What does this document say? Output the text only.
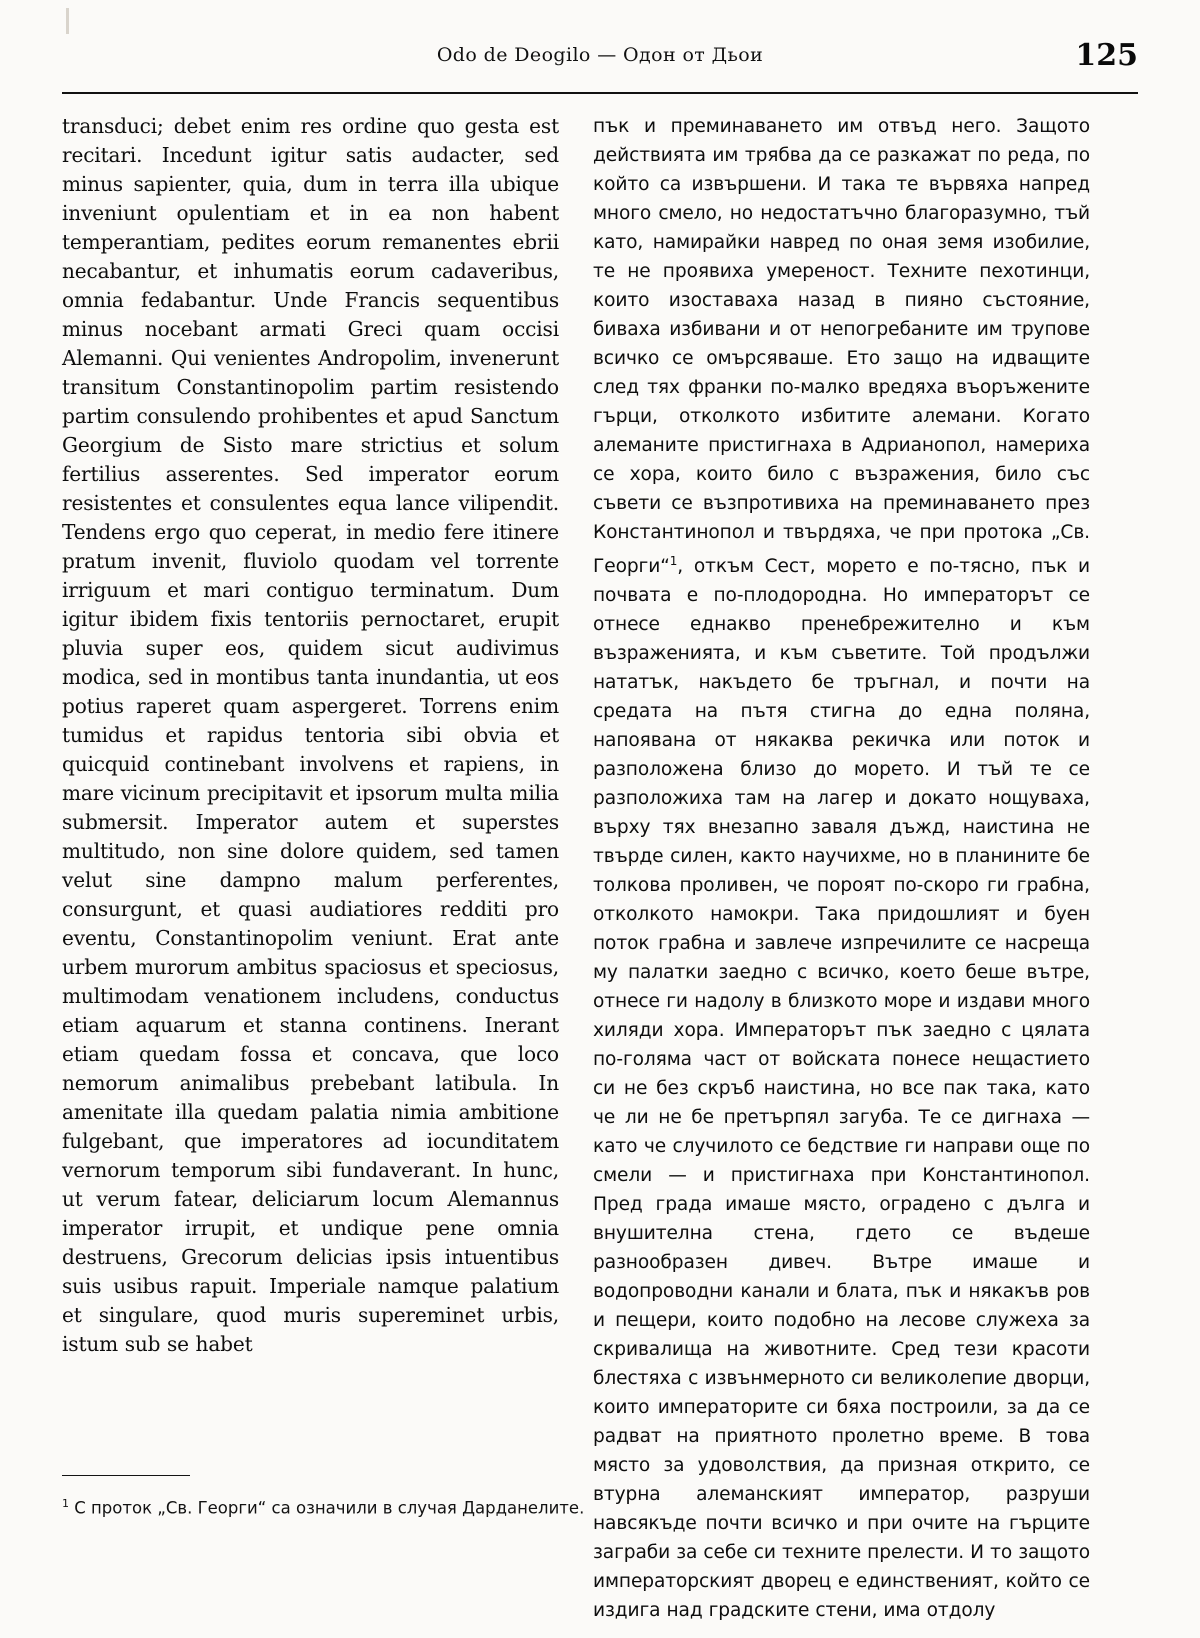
Odo de Deogilo — Одон от Дьои	125

transduci; debet enim res ordine quo gesta est recitari. Incedunt igitur satis audacter, sed minus sapienter, quia, dum in terra illa ubique inveniunt opulentiam et in ea non habent temperantiam, pedites eorum remanentes ebrii necabantur, et inhumatis eorum cadaveribus, omnia fedabantur. Unde Francis sequentibus minus nocebant armati Greci quam occisi Alemanni. Qui venientes Andropolim, invenerunt transitum Constantinopolim partim resistendo partim consulendo prohibentes et apud Sanctum Georgium de Sisto mare strictius et solum fertilius asserentes. Sed imperator eorum resistentes et consulentes equa lance vilipendit. Tendens ergo quo ceperat, in medio fere itinere pratum invenit, fluviolo quodam vel torrente irriguum et mari contiguo terminatum. Dum igitur ibidem fixis tentoriis pernoctaret, erupit pluvia super eos, quidem sicut audivimus modica, sed in montibus tanta inundantia, ut eos potius raperet quam aspergeret. Torrens enim tumidus et rapidus tentoria sibi obvia et quicquid continebant involvens et rapiens, in mare vicinum precipitavit et ipsorum multa milia submersit. Imperator autem et superstes multitudo, non sine dolore quidem, sed tamen velut sine dampno malum perferentes, consurgunt, et quasi audiatiores redditi pro eventu, Constantinopolim veniunt. Erat ante urbem murorum ambitus spaciosus et speciosus, multimodam venationem includens, conductus etiam aquarum et stanna continens. Inerant etiam quedam fossa et concava, que loco nemorum animalibus prebebant latibula. In amenitate illa quedam palatia nimia ambitione fulgebant, que imperatores ad iocunditatem vernorum temporum sibi fundaverant. In hunc, ut verum fatear, deliciarum locum Alemannus imperator irrupit, et undique pene omnia destruens, Grecorum delicias ipsis intuentibus suis usibus rapuit. Imperiale namque palatium et singulare, quod muris supereminet urbis, istum sub se habet

пък и преминаването им отвъд него. Защото действията им трябва да се разкажат по реда, по който са извършени. И така те вървяха напред много смело, но недостатъчно благоразумно, тъй като, намирайки навред по оная земя изобилие, те не проявиха умереност. Техните пехотинци, които изоставаха назад в пияно състояние, биваха избивани и от непогребаните им трупове всичко се омърсяваше. Ето защо на идващите след тях франки по-малко вредяха въоръжените гърци, отколкото избитите алемани. Когато алеманите пристигнаха в Адрианопол, намериха се хора, които било с възражения, било със съвети се възпротивиха на преминаването през Константинопол и твърдяха, че при протока „Св. Георги“$^1$, откъм Сест, морето е по-тясно, пък и почвата е по-плодородна. Но императорът се отнесе еднакво пренебрежително и към възраженията, и към съветите. Той продължи нататък, накъдето бе тръгнал, и почти на средата на пътя стигна до една поляна, напоявана от някаква рекичка или поток и разположена близо до морето. И тъй те се разположиха там на лагер и докато нощуваха, върху тях внезапно заваля дъжд, наистина не твърде силен, както научихме, но в планините бе толкова проливен, че пороят по-скоро ги грабна, отколкото намокри. Така придошлият и буен поток грабна и завлече изпречилите се насреща му палатки заедно с всичко, което беше вътре, отнесе ги надолу в близкото море и издави много хиляди хора. Императорът пък заедно с цялата по-голяма част от войската понесе нещастието си не без скръб наистина, но все пак така, като че ли не бе претърпял загуба. Те се дигнаха — като че случилото се бедствие ги направи още по смели — и пристигнаха при Константинопол. Пред града имаше място, оградено с дълга и внушителна стена, гдето се въдеше разнообразен дивеч. Вътре имаше и водопроводни канали и блата, пък и някакъв ров и пещери, които подобно на лесове служеха за скривалища на животните. Сред тези красоти блестяха с извънмерното си великолепие дворци, които императорите си бяха построили, за да се радват на приятното пролетно време. В това място за удоволствия, да призная открито, се втурна алеманският император, разруши навсякъде почти всичко и при очите на гърците заграби за себе си техните прелести. И то защото императорският дворец е единственият, който се издига над градските стени, има отдолу

$^1$ С проток „Св. Георги“ са означили в случая Дарданелите.
